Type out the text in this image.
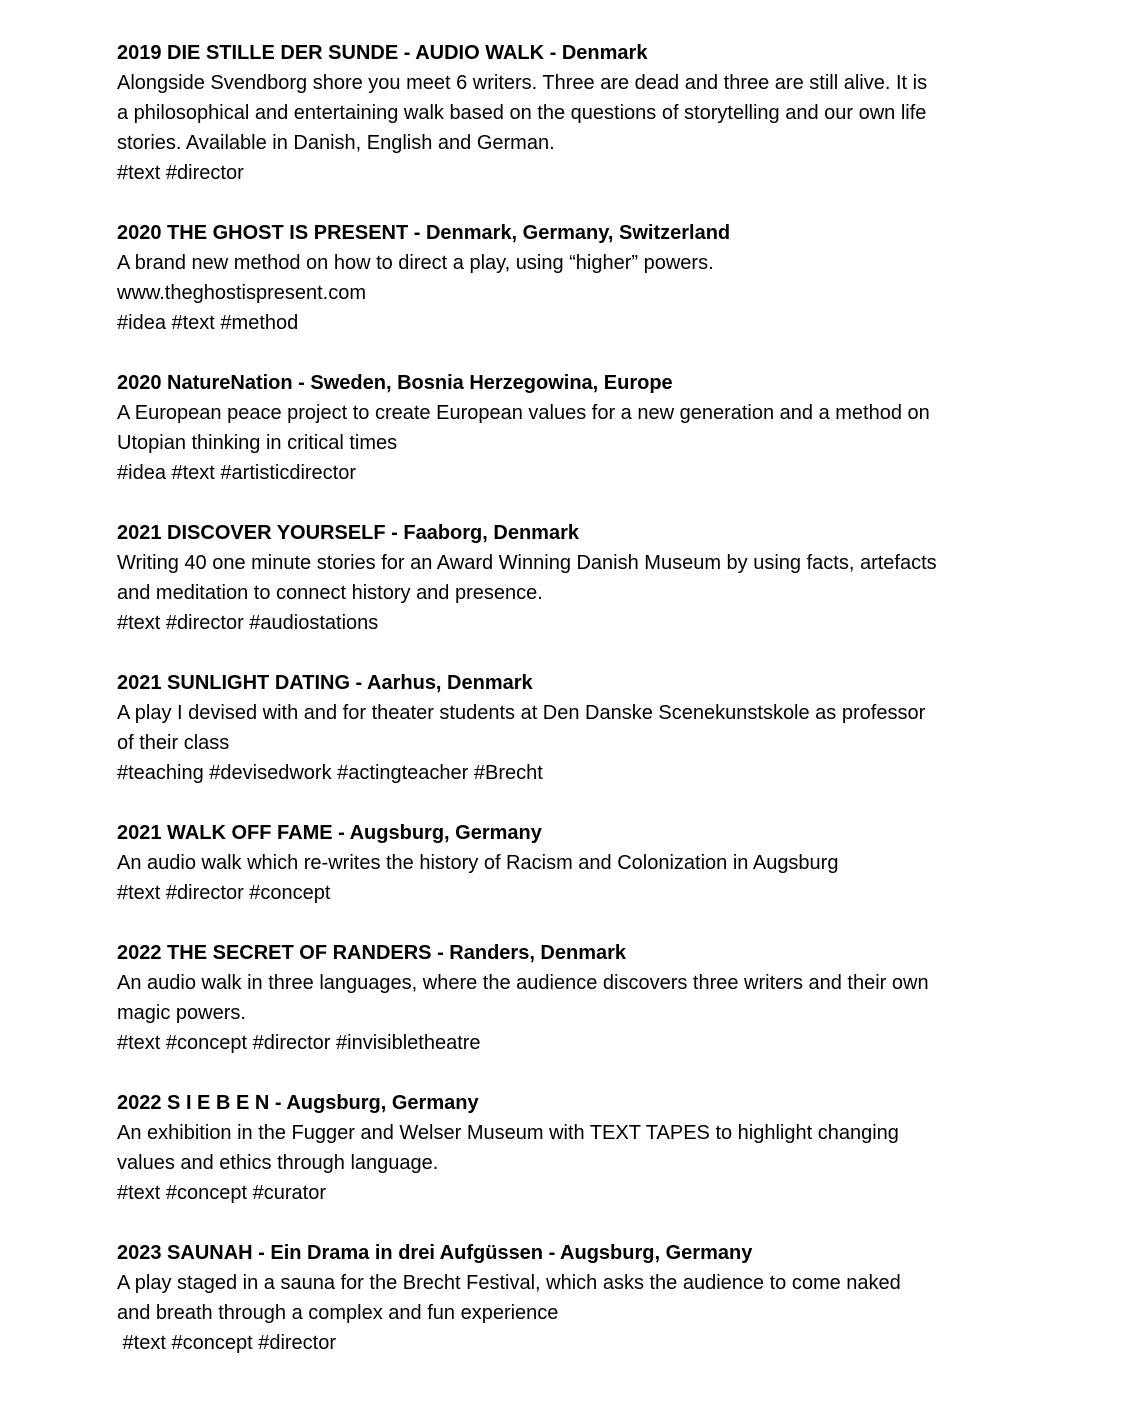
2019 DIE STILLE DER SUNDE - AUDIO WALK - Denmark
Alongside Svendborg shore you meet 6 writers. Three are dead and three are still alive. It is
a philosophical and entertaining walk based on the questions of storytelling and our own life
stories. Available in Danish, English and German.
#text #director
2020 THE GHOST IS PRESENT - Denmark, Germany, Switzerland
A brand new method on how to direct a play, using “higher” powers.
www.theghostispresent.com
#idea #text #method
2020 NatureNation - Sweden, Bosnia Herzegowina, Europe
A European peace project to create European values for a new generation and a method on
Utopian thinking in critical times
#idea #text #artisticdirector
2021 DISCOVER YOURSELF - Faaborg, Denmark
Writing 40 one minute stories for an Award Winning Danish Museum by using facts, artefacts
and meditation to connect history and presence.
#text #director #audiostations
2021 SUNLIGHT DATING - Aarhus, Denmark
A play I devised with and for theater students at Den Danske Scenekunstskole as professor
of their class
#teaching #devisedwork #actingteacher #Brecht
2021 WALK OFF FAME - Augsburg, Germany
An audio walk which re-writes the history of Racism and Colonization in Augsburg
#text #director #concept
2022 THE SECRET OF RANDERS - Randers, Denmark
An audio walk in three languages, where the audience discovers three writers and their own
magic powers.
#text #concept #director #invisibletheatre
2022 S I E B E N - Augsburg, Germany
An exhibition in the Fugger and Welser Museum with TEXT TAPES to highlight changing
values and ethics through language.
#text #concept #curator
2023 SAUNAH - Ein Drama in drei Aufgüssen - Augsburg, Germany
A play staged in a sauna for the Brecht Festival, which asks the audience to come naked
and breath through a complex and fun experience
#text #concept #director
